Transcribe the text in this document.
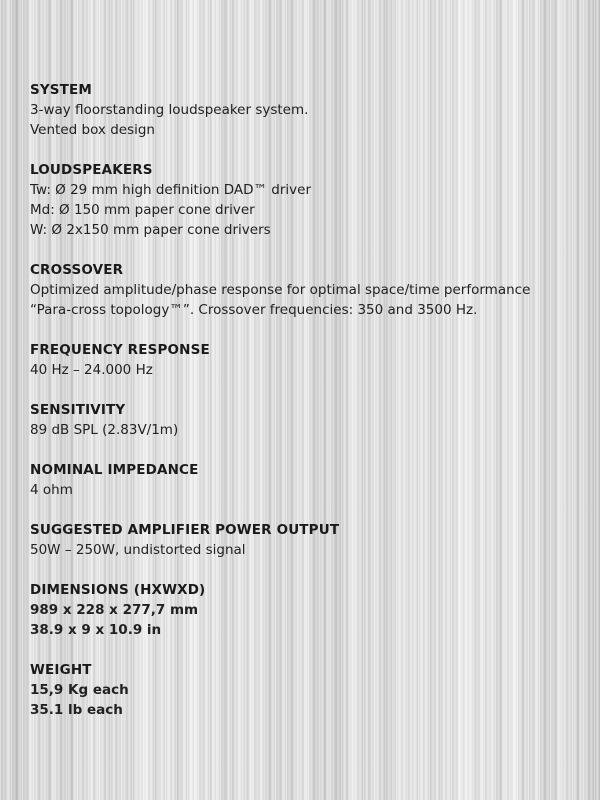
SYSTEM
3-way floorstanding loudspeaker system.
Vented box design
LOUDSPEAKERS
Tw: Ø 29 mm high definition DAD™ driver
Md: Ø 150 mm paper cone driver
W: Ø 2x150 mm paper cone drivers
CROSSOVER
Optimized amplitude/phase response for optimal space/time performance
“Para-cross topology™”. Crossover frequencies: 350 and 3500 Hz.
FREQUENCY RESPONSE
40 Hz – 24.000 Hz
SENSITIVITY
89 dB SPL (2.83V/1m)
NOMINAL IMPEDANCE
4 ohm
SUGGESTED AMPLIFIER POWER OUTPUT
50W – 250W, undistorted signal
DIMENSIONS (HXWXD)
989 x 228 x 277,7 mm
38.9 x 9 x 10.9 in
WEIGHT
15,9 Kg each
35.1 lb each
